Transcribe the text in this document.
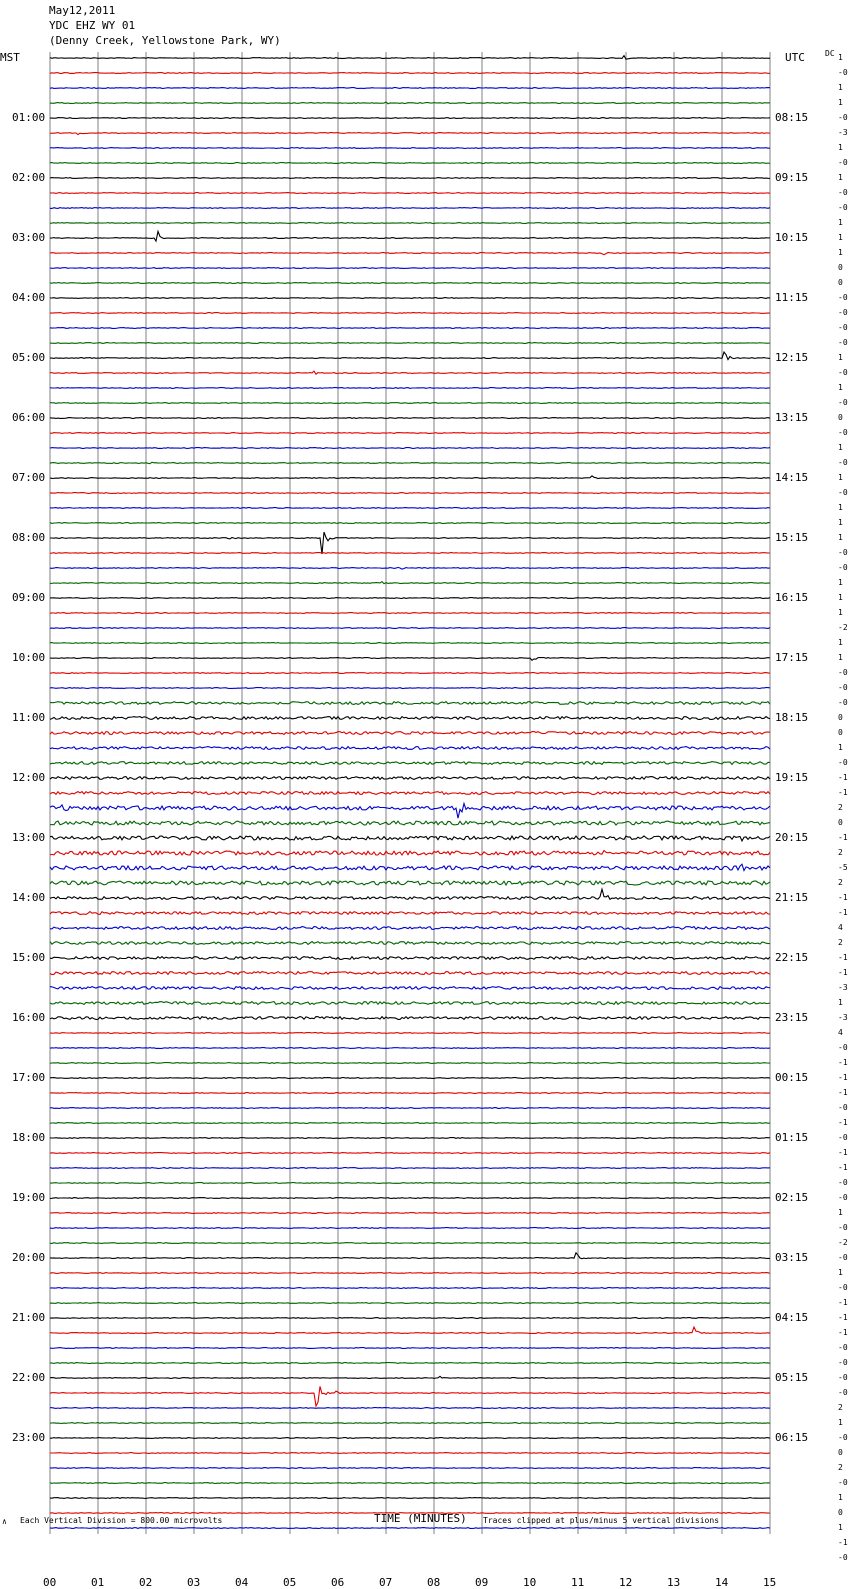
May12,2011
YDC EHZ WY 01
(Denny Creek, Yellowstone Park, WY)
MST	UTC	DC 1
-0
1
1
-0
-3
1
-0
1
-0
-0
1
1
1
0
0
-0
-0
-0
-0
1
-0
1
-0
0
-0
1
-0
1
-0
1
1
1
-0
-0
1
1
1
-2
1
1
-0
-0
-0
0
0
1
-0
-1
-1
2
0
-1
2
-5
2
-1
-1
4
2
-1
-1
-3
1
-3
4
-0
-1
-1
-1
-0
-1
-0
-1
-1
-0
-0
1
-0
-2
-0
1
-0
-1
-1
-1
-0
-0
-0
-0
2
1
-0
0
2
-0
1
0
1
-1
-0
01:00	08:15
02:00	09:15
03:00	10:15
04:00	11:15
05:00	12:15
06:00	13:15
07:00	14:15
08:00	15:15
09:00	16:15
10:00	17:15
11:00	18:15
12:00	19:15
13:00	20:15
14:00	21:15
15:00	22:15
16:00	23:15
17:00	00:15
18:00	01:15
19:00	02:15
20:00	03:15
21:00	04:15
22:00	05:15
23:00	06:15
00	01	02	03	04	05	06	07	08	09	10	11	12	13	14	15
TIME (MINUTES)
Each Vertical Division = 800.00 microvolts	Traces clipped at plus/minus 5 vertical divisions
∧
